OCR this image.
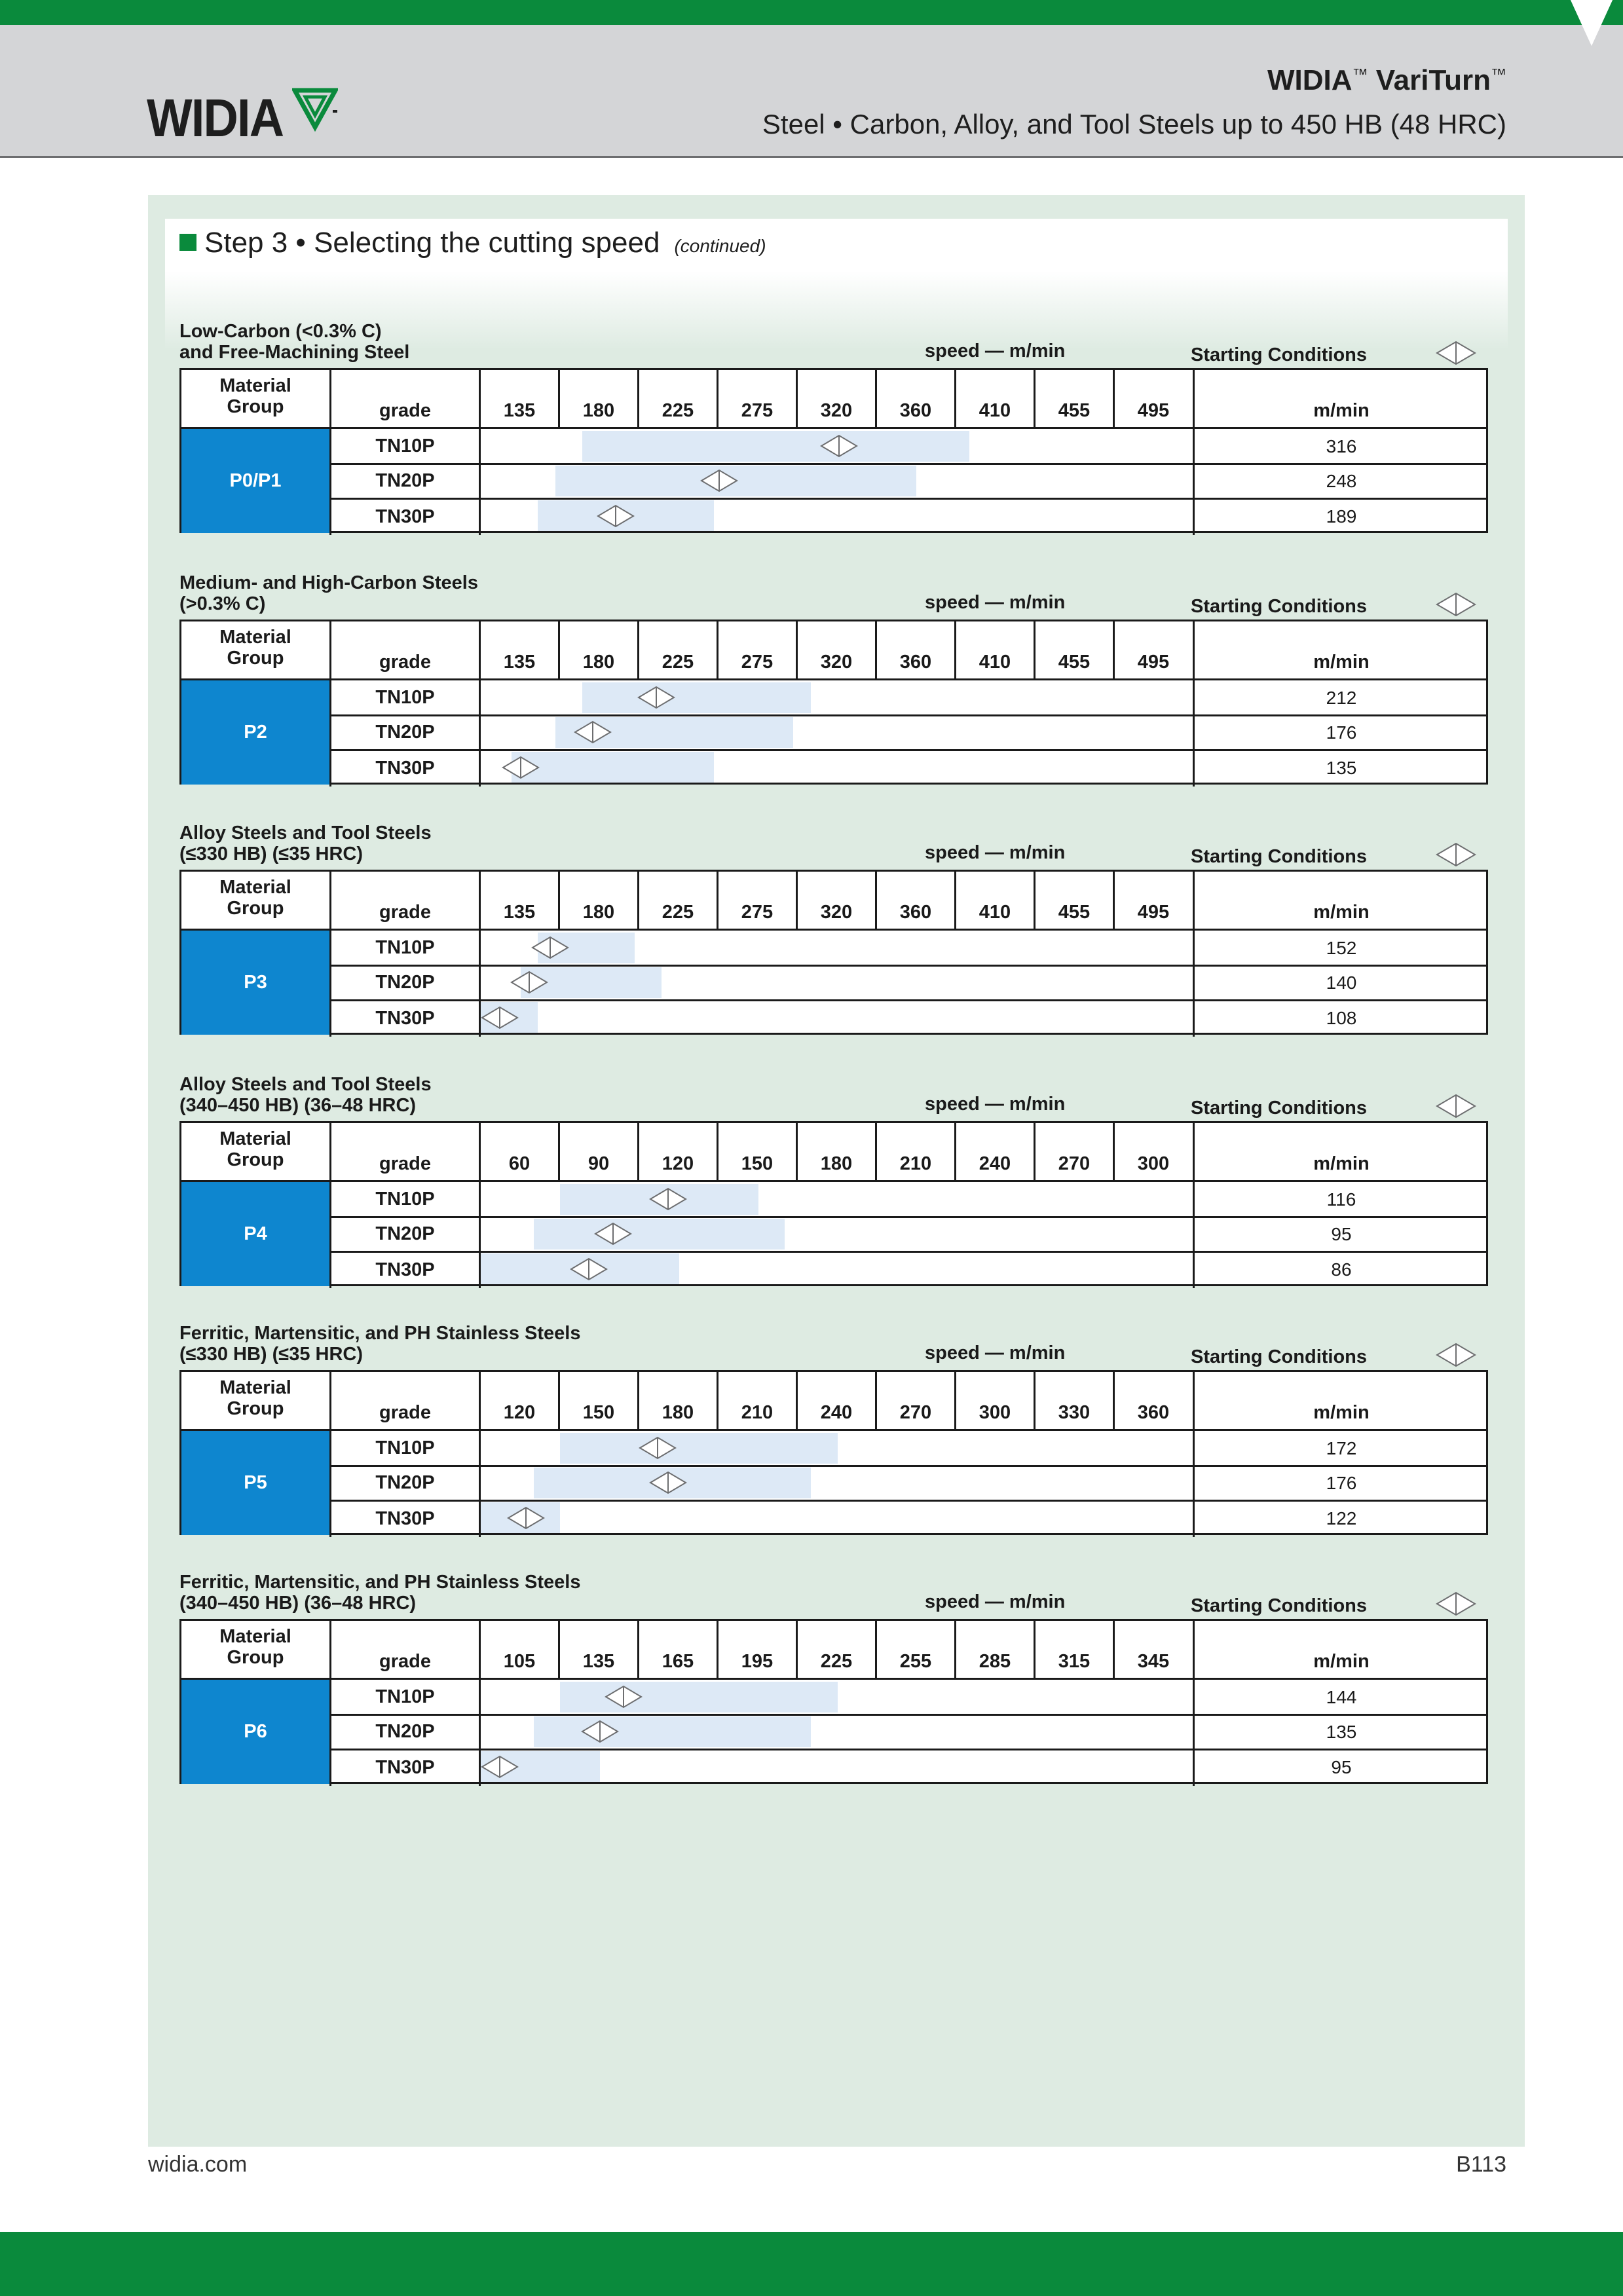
WIDIA
WIDIA™ VariTurn™
Steel • Carbon, Alloy, and Tool Steels up to 450 HB (48 HRC)
Step 3 • Selecting the cutting speed (continued)
Low-Carbon (<0.3% C)
and Free-Machining Steel	speed — m/min	Starting Conditions
Material
Group	grade	135	180	225	275	320	360	410	455	495	m/min
P0/P1
TN10P	316
TN20P	248
TN30P	189
Medium- and High-Carbon Steels
(>0.3% C)	speed — m/min	Starting Conditions
Material
Group	grade	135	180	225	275	320	360	410	455	495	m/min
P2
TN10P	212
TN20P	176
TN30P	135
Alloy Steels and Tool Steels
(≤330 HB) (≤35 HRC)	speed — m/min	Starting Conditions
Material
Group	grade	135	180	225	275	320	360	410	455	495	m/min
P3
TN10P	152
TN20P	140
TN30P	108
Alloy Steels and Tool Steels
(340–450 HB) (36–48 HRC)	speed — m/min	Starting Conditions
Material
Group	grade	60	90	120	150	180	210	240	270	300	m/min
P4
TN10P	116
TN20P	95
TN30P	86
Ferritic, Martensitic, and PH Stainless Steels
(≤330 HB) (≤35 HRC)	speed — m/min	Starting Conditions
Material
Group	grade	120	150	180	210	240	270	300	330	360	m/min
P5
TN10P	172
TN20P	176
TN30P	122
Ferritic, Martensitic, and PH Stainless Steels
(340–450 HB) (36–48 HRC)	speed — m/min	Starting Conditions
Material
Group	grade	105	135	165	195	225	255	285	315	345	m/min
P6
TN10P	144
TN20P	135
TN30P	95
widia.com	B113
